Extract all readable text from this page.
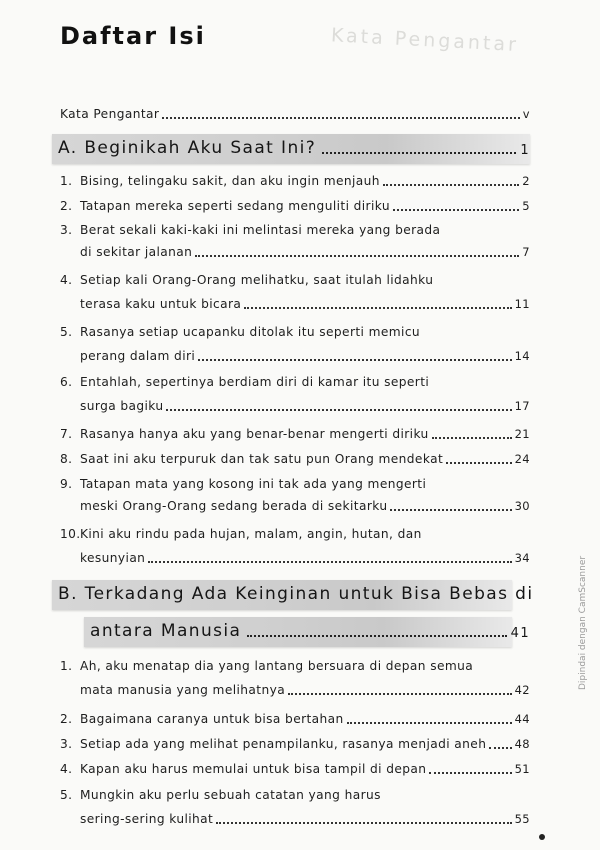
Kata Pengantar
Daftar Isi
Kata Pengantar	v
A. Beginikah Aku Saat Ini?	1
1. Bising, telingaku sakit, dan aku ingin menjauh	2
2. Tatapan mereka seperti sedang menguliti diriku	5
3. Berat sekali kaki-kaki ini melintasi mereka yang berada
di sekitar jalanan	7
4. Setiap kali Orang-Orang melihatku, saat itulah lidahku
terasa kaku untuk bicara	11
5. Rasanya setiap ucapanku ditolak itu seperti memicu
perang dalam diri	14
6. Entahlah, sepertinya berdiam diri di kamar itu seperti
surga bagiku	17
7. Rasanya hanya aku yang benar-benar mengerti diriku	21
8. Saat ini aku terpuruk dan tak satu pun Orang mendekat	24
9. Tatapan mata yang kosong ini tak ada yang mengerti
meski Orang-Orang sedang berada di sekitarku	30
10.Kini aku rindu pada hujan, malam, angin, hutan, dan
kesunyian	34
B. Terkadang Ada Keinginan untuk Bisa Bebas di
antara Manusia	41
1. Ah, aku menatap dia yang lantang bersuara di depan semua
mata manusia yang melihatnya	42
2. Bagaimana caranya untuk bisa bertahan	44
3. Setiap ada yang melihat penampilanku, rasanya menjadi aneh 48
4. Kapan aku harus memulai untuk bisa tampil di depan	51
5. Mungkin aku perlu sebuah catatan yang harus
sering-sering kulihat	55
Dipindai dengan CamScanner
